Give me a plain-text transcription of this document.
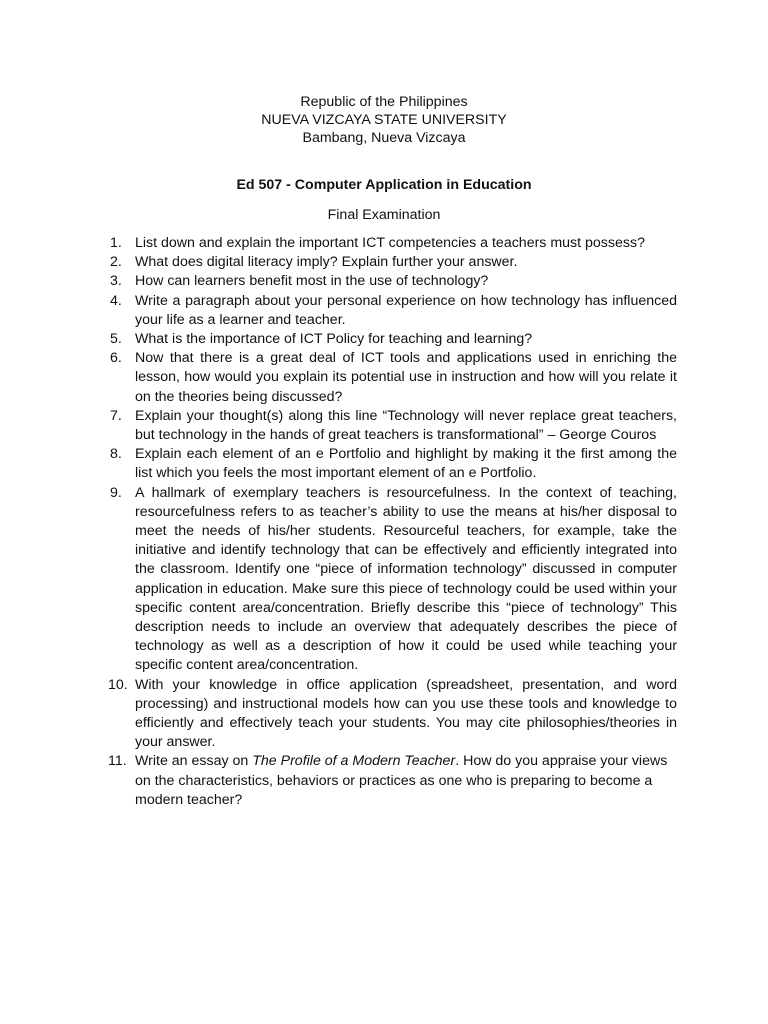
Republic of the Philippines
NUEVA VIZCAYA STATE UNIVERSITY
Bambang, Nueva Vizcaya
Ed 507 - Computer Application in Education
Final Examination
1. List down and explain the important ICT competencies a teachers must possess?
2. What does digital literacy imply? Explain further your answer.
3. How can learners benefit most in the use of technology?
4. Write a paragraph about your personal experience on how technology has influenced your life as a learner and teacher.
5. What is the importance of ICT Policy for teaching and learning?
6. Now that there is a great deal of ICT tools and applications used in enriching the lesson, how would you explain its potential use in instruction and how will you relate it on the theories being discussed?
7. Explain your thought(s) along this line “Technology will never replace great teachers, but technology in the hands of great teachers is transformational” – George Couros
8. Explain each element of an e Portfolio and highlight by making it the first among the list which you feels the most important element of an e Portfolio.
9. A hallmark of exemplary teachers is resourcefulness. In the context of teaching, resourcefulness refers to as teacher’s ability to use the means at his/her disposal to meet the needs of his/her students. Resourceful teachers, for example, take the initiative and identify technology that can be effectively and efficiently integrated into the classroom. Identify one “piece of information technology” discussed in computer application in education. Make sure this piece of technology could be used within your specific content area/concentration. Briefly describe this “piece of technology” This description needs to include an overview that adequately describes the piece of technology as well as a description of how it could be used while teaching your specific content area/concentration.
10. With your knowledge in office application (spreadsheet, presentation, and word processing) and instructional models how can you use these tools and knowledge to efficiently and effectively teach your students. You may cite philosophies/theories in your answer.
11. Write an essay on The Profile of a Modern Teacher. How do you appraise your views on the characteristics, behaviors or practices as one who is preparing to become a modern teacher?
